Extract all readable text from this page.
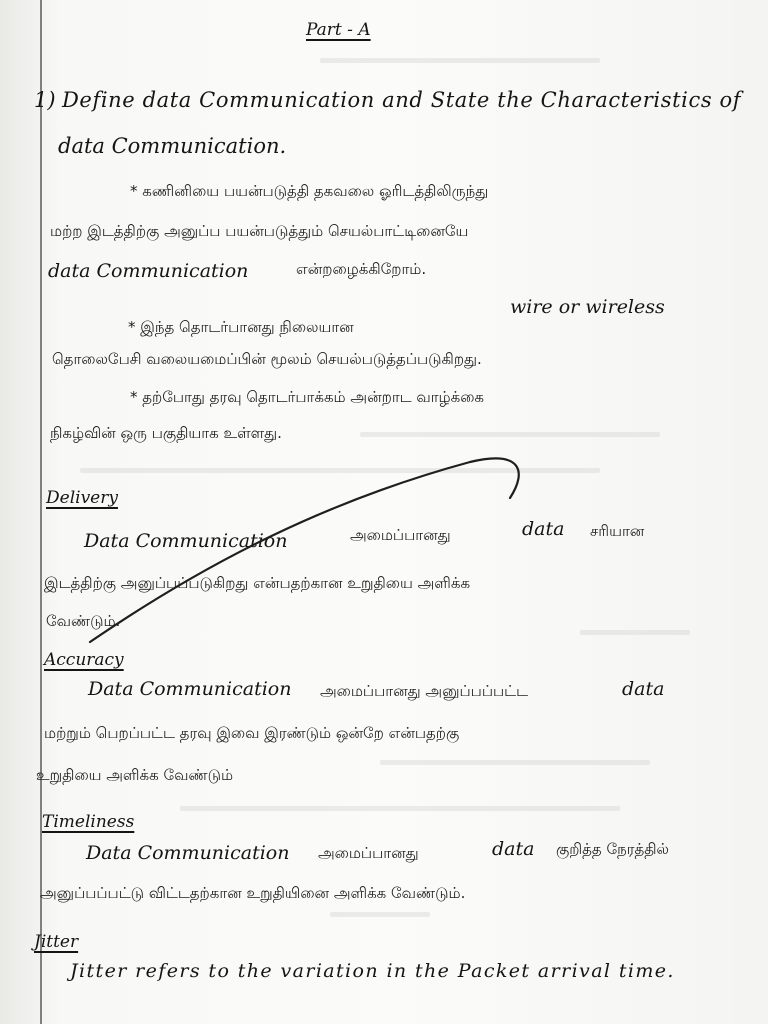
Part - A
1) Define data Communication and State the Characteristics of
data Communication.
* கணினியை பயன்படுத்தி தகவலை ஓரிடத்திலிருந்து
மற்ற இடத்திற்கு அனுப்ப பயன்படுத்தும் செயல்பாட்டினையே
data Communication	என்றழைக்கிறோம்.
* இந்த தொடர்பானது நிலையான
wire or wireless
தொலைபேசி வலையமைப்பின் மூலம் செயல்படுத்தப்படுகிறது.
* தற்போது தரவு தொடர்பாக்கம் அன்றாட வாழ்க்கை
நிகழ்வின் ஒரு பகுதியாக உள்ளது.
Delivery
Data Communication	அமைப்பானது	data சரியான
இடத்திற்கு அனுப்பப்படுகிறது என்பதற்கான உறுதியை அளிக்க
வேண்டும்.
Accuracy
Data Communication அமைப்பானது அனுப்பப்பட்ட	data
மற்றும் பெறப்பட்ட தரவு இவை இரண்டும் ஒன்றே என்பதற்கு
உறுதியை அளிக்க வேண்டும்
Timeliness
Data Communication அமைப்பானது	data குறித்த நேரத்தில்
அனுப்பப்பட்டு விட்டதற்கான உறுதியினை அளிக்க வேண்டும்.
Jitter
Jitter refers to the variation in the Packet arrival time.
